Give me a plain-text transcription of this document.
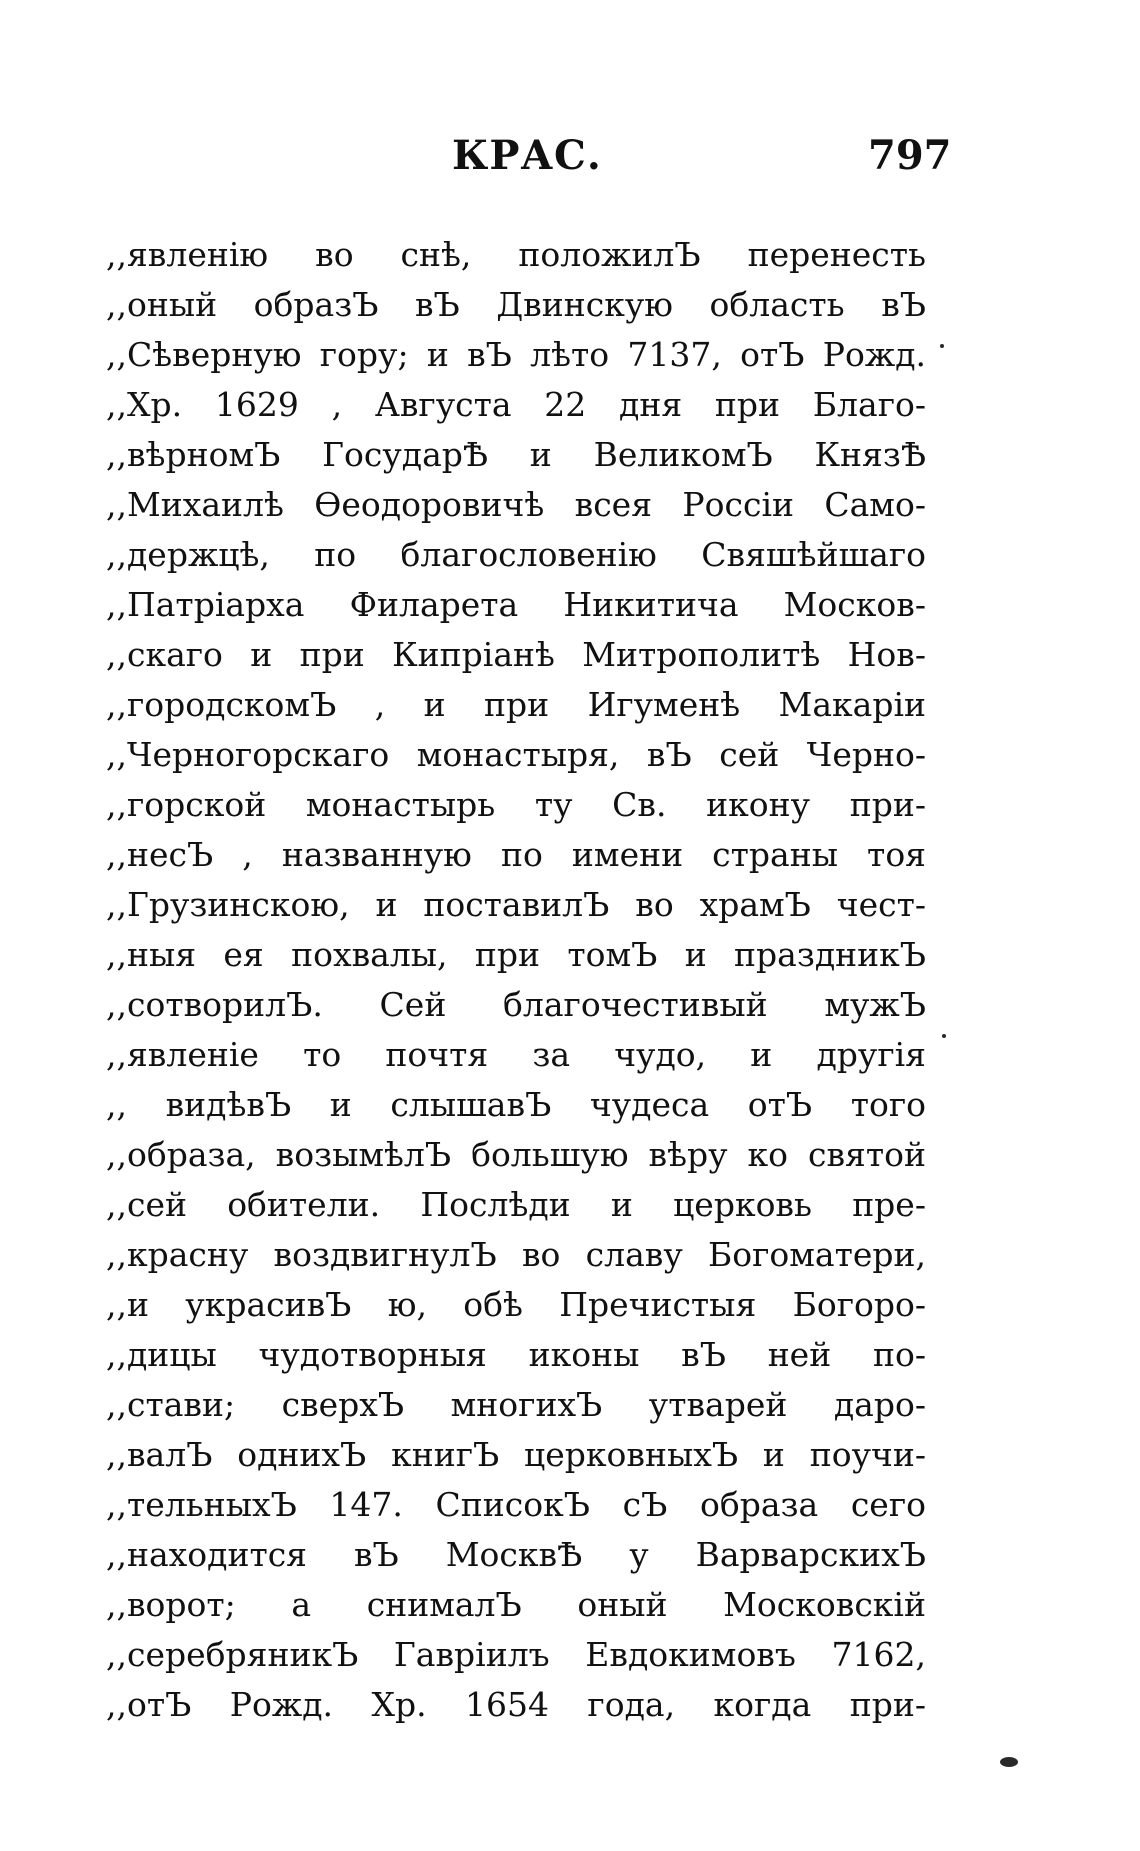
КРАС.	797
,,явленію во снѣ, положилЪ перенесть
,,оный образЪ вЪ Двинскую область вЪ
,,Сѣверную гору; и вЪ лѣто 7137, отЪ Рожд.
,,Хр. 1629 , Августа 22 дня при Благо-
,,вѣрномЪ ГосударѢ и ВеликомЪ КнязѢ
,,Михаилѣ Ѳеодоровичѣ всея Россіи Само-
,,держцѣ, по благословенію Свяшѣйшаго
,,Патріарха Филарета Никитича Москов-
,,скаго и при Кипріанѣ Митрополитѣ Нов-
,,городскомЪ , и при Игуменѣ Макаріи
,,Черногорскаго монастыря, вЪ сей Черно-
,,горской монастырь ту Св. икону при-
,,несЪ , названную по имени страны тоя
,,Грузинскою, и поставилЪ во храмЪ чест-
,,ныя ея похвалы, при томЪ и праздникЪ
,,сотворилЪ. Сей благочестивый мужЪ
,,явленіе то почтя за чудо, и другія
,, видѣвЪ и слышавЪ чудеса отЪ того
,,образа, возымѣлЪ большую вѣру ко святой
,,сей обители. Послѣди и церковь пре-
,,красну воздвигнулЪ во славу Богоматери,
,,и украсивЪ ю, обѣ Пречистыя Богоро-
,,дицы чудотворныя иконы вЪ ней по-
,,стави; сверхЪ многихЪ утварей даро-
,,валЪ однихЪ книгЪ церковныхЪ и поучи-
,,тельныхЪ 147. СписокЪ сЪ образа сего
,,находится вЪ МосквѢ у ВарварскихЪ
,,ворот; а снималЪ оный Московскій
,,серебряникЪ Гавріилъ Евдокимовъ 7162,
,,отЪ Рожд. Хр. 1654 года, когда при-
